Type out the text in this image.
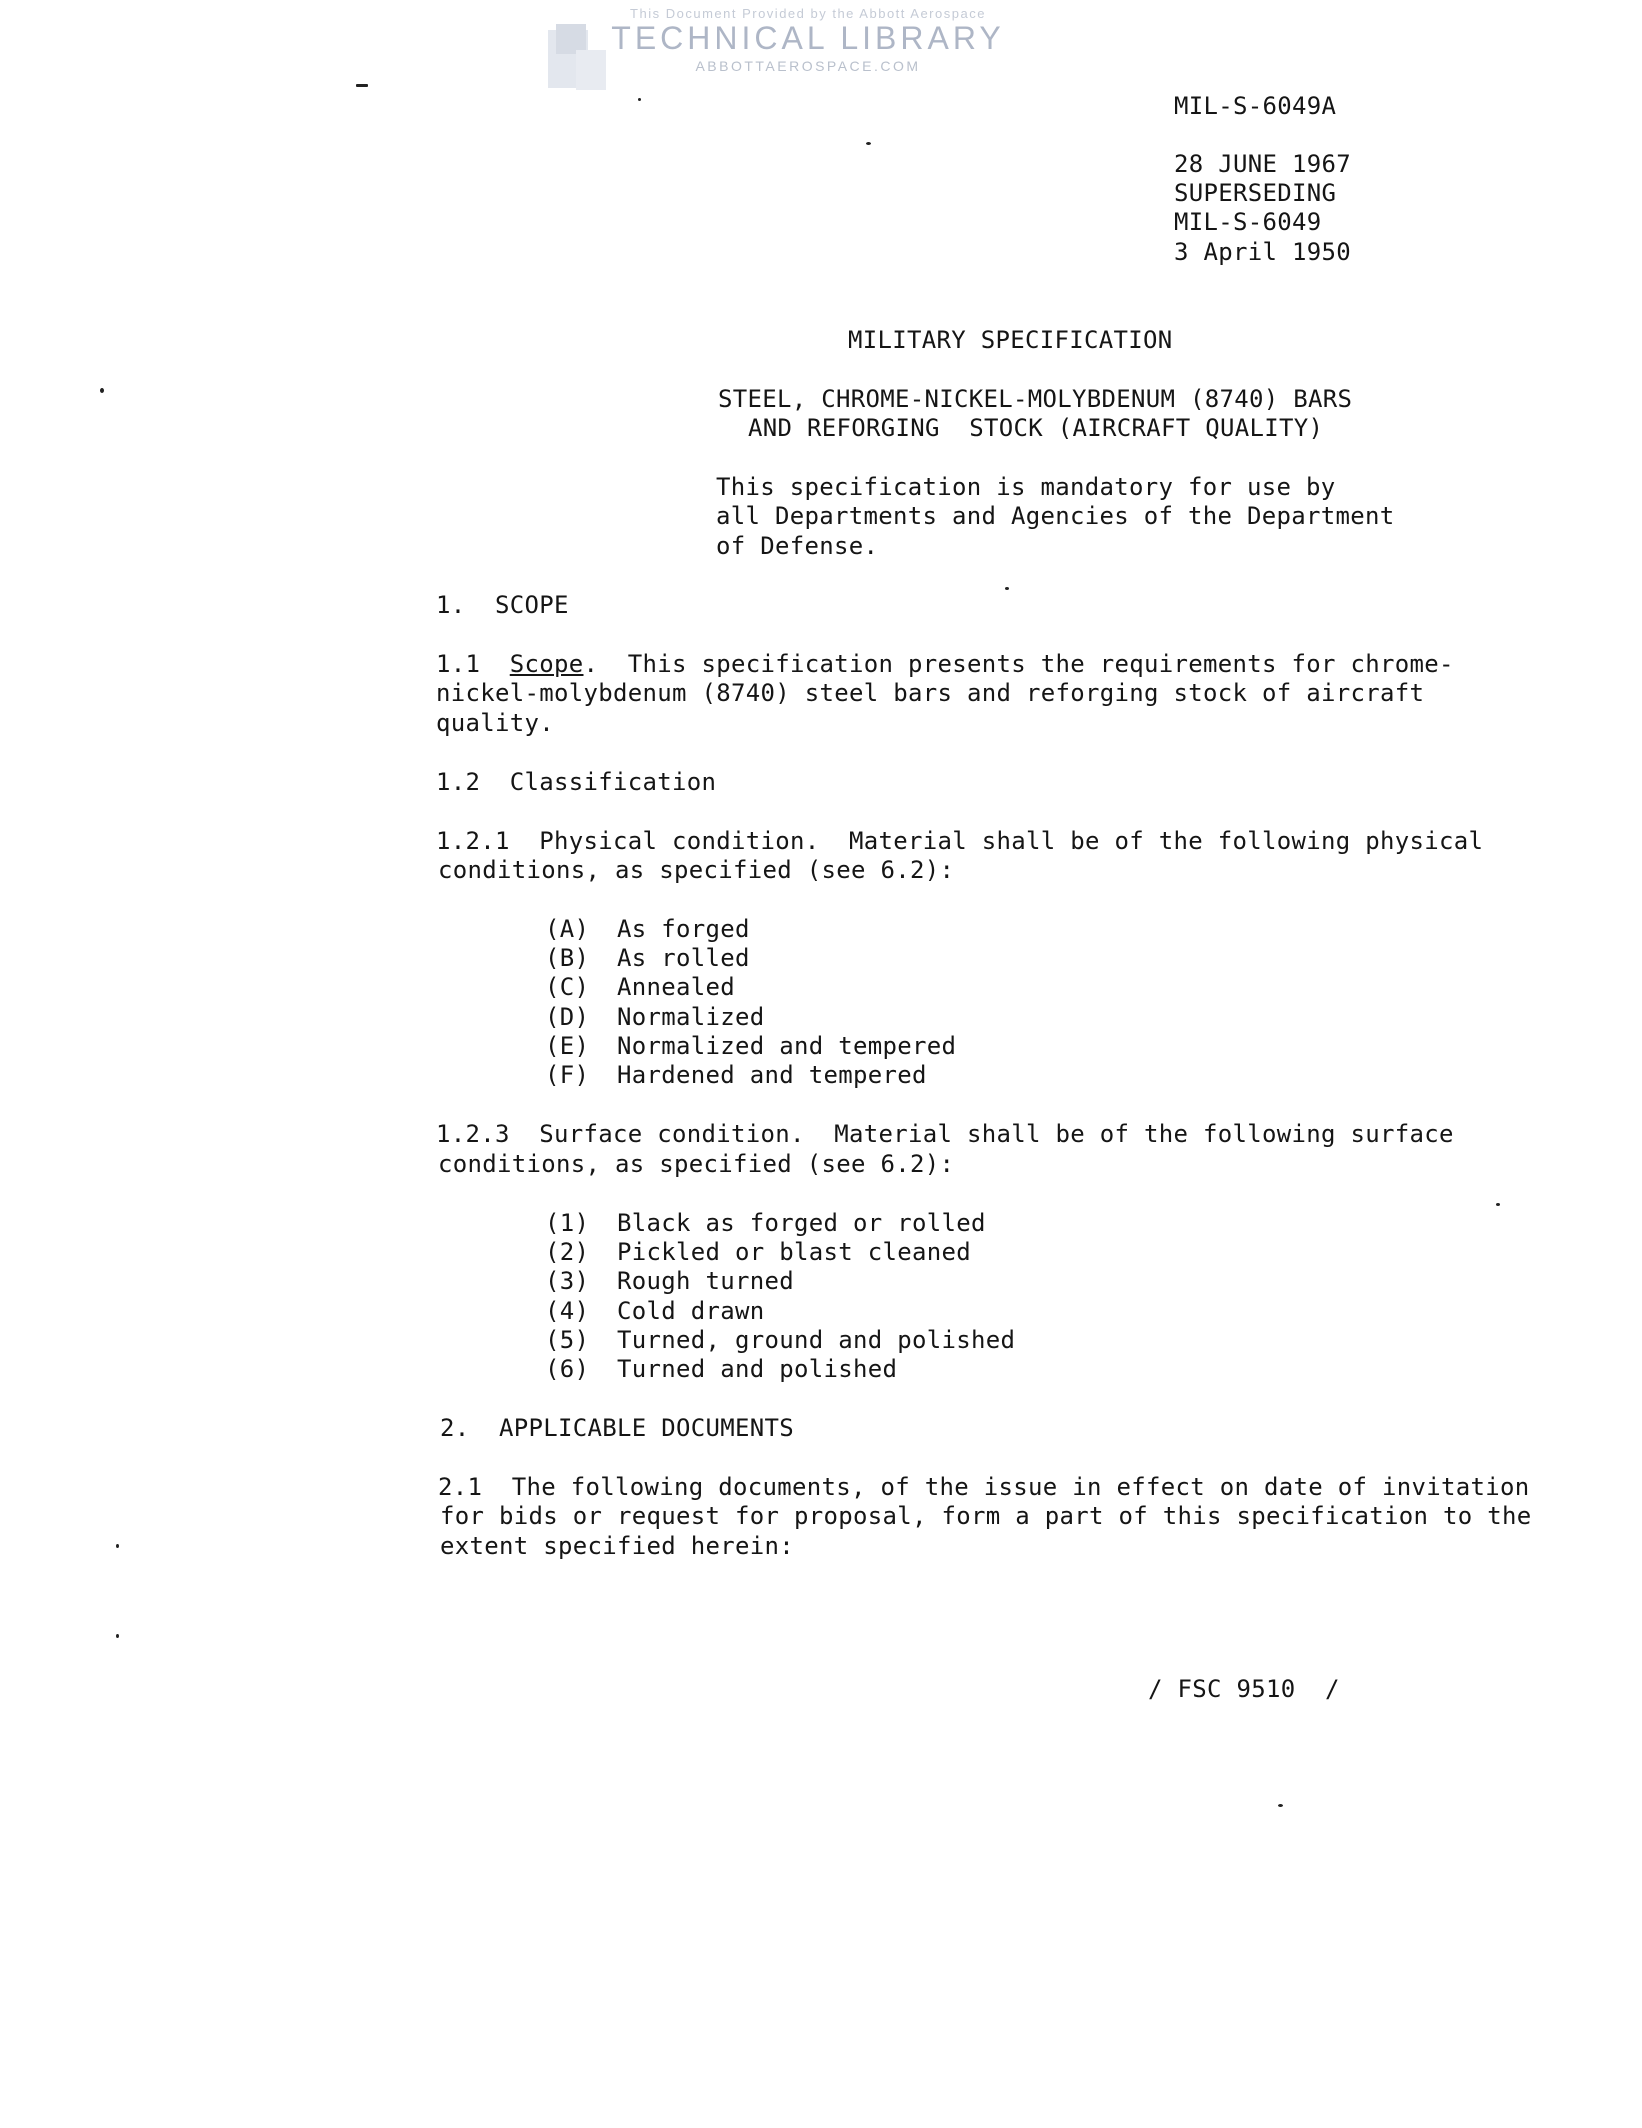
This Document Provided by the Abbott Aerospace
TECHNICAL LIBRARY
ABBOTTAEROSPACE.COM
MIL-S-6049A
28 JUNE 1967
SUPERSEDING
MIL-S-6049
3 April 1950
MILITARY SPECIFICATION
STEEL, CHROME-NICKEL-MOLYBDENUM (8740) BARS
AND REFORGING  STOCK (AIRCRAFT QUALITY)
This specification is mandatory for use by
all Departments and Agencies of the Department
of Defense.
1.  SCOPE
1.1 Scope.  This specification presents the requirements for chrome-
nickel-molybdenum (8740) steel bars and reforging stock of aircraft
quality.
1.2  Classification
1.2.1  Physical condition.  Material shall be of the following physical
conditions, as specified (see 6.2):
(A) As forged
(B) As rolled
(C) Annealed
(D) Normalized
(E) Normalized and tempered
(F) Hardened and tempered
1.2.3  Surface condition.  Material shall be of the following surface
conditions, as specified (see 6.2):
(1) Black as forged or rolled
(2) Pickled or blast cleaned
(3) Rough turned
(4) Cold drawn
(5) Turned, ground and polished
(6) Turned and polished
2.  APPLICABLE DOCUMENTS
2.1  The following documents, of the issue in effect on date of invitation
for bids or request for proposal, form a part of this specification to the
extent specified herein:
/ FSC 9510  /
